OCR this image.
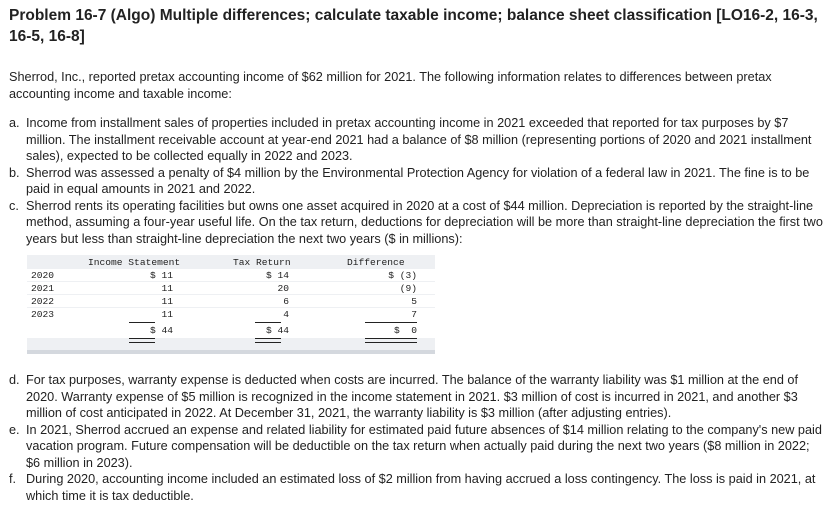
Problem 16-7 (Algo) Multiple differences; calculate taxable income; balance sheet classification [LO16-2, 16-3, 16-5, 16-8]
Sherrod, Inc., reported pretax accounting income of $62 million for 2021. The following information relates to differences between pretax accounting income and taxable income:
a. Income from installment sales of properties included in pretax accounting income in 2021 exceeded that reported for tax purposes by $7 million. The installment receivable account at year-end 2021 had a balance of $8 million (representing portions of 2020 and 2021 installment sales), expected to be collected equally in 2022 and 2023.
b. Sherrod was assessed a penalty of $4 million by the Environmental Protection Agency for violation of a federal law in 2021. The fine is to be paid in equal amounts in 2021 and 2022.
c. Sherrod rents its operating facilities but owns one asset acquired in 2020 at a cost of $44 million. Depreciation is reported by the straight-line method, assuming a four-year useful life. On the tax return, deductions for depreciation will be more than straight-line depreciation the first two years but less than straight-line depreciation the next two years ($ in millions):
Income Statement	Tax Return	Difference
2020	$ 11	$ 14	$ (3)
2021	11	20	(9)
2022	11	6	5
2023	11	4	7
$ 44	$ 44	$  0
d. For tax purposes, warranty expense is deducted when costs are incurred. The balance of the warranty liability was $1 million at the end of 2020. Warranty expense of $5 million is recognized in the income statement in 2021. $3 million of cost is incurred in 2021, and another $3 million of cost anticipated in 2022. At December 31, 2021, the warranty liability is $3 million (after adjusting entries).
e. In 2021, Sherrod accrued an expense and related liability for estimated paid future absences of $14 million relating to the company's new paid vacation program. Future compensation will be deductible on the tax return when actually paid during the next two years ($8 million in 2022; $6 million in 2023).
f. During 2020, accounting income included an estimated loss of $2 million from having accrued a loss contingency. The loss is paid in 2021, at which time it is tax deductible.
